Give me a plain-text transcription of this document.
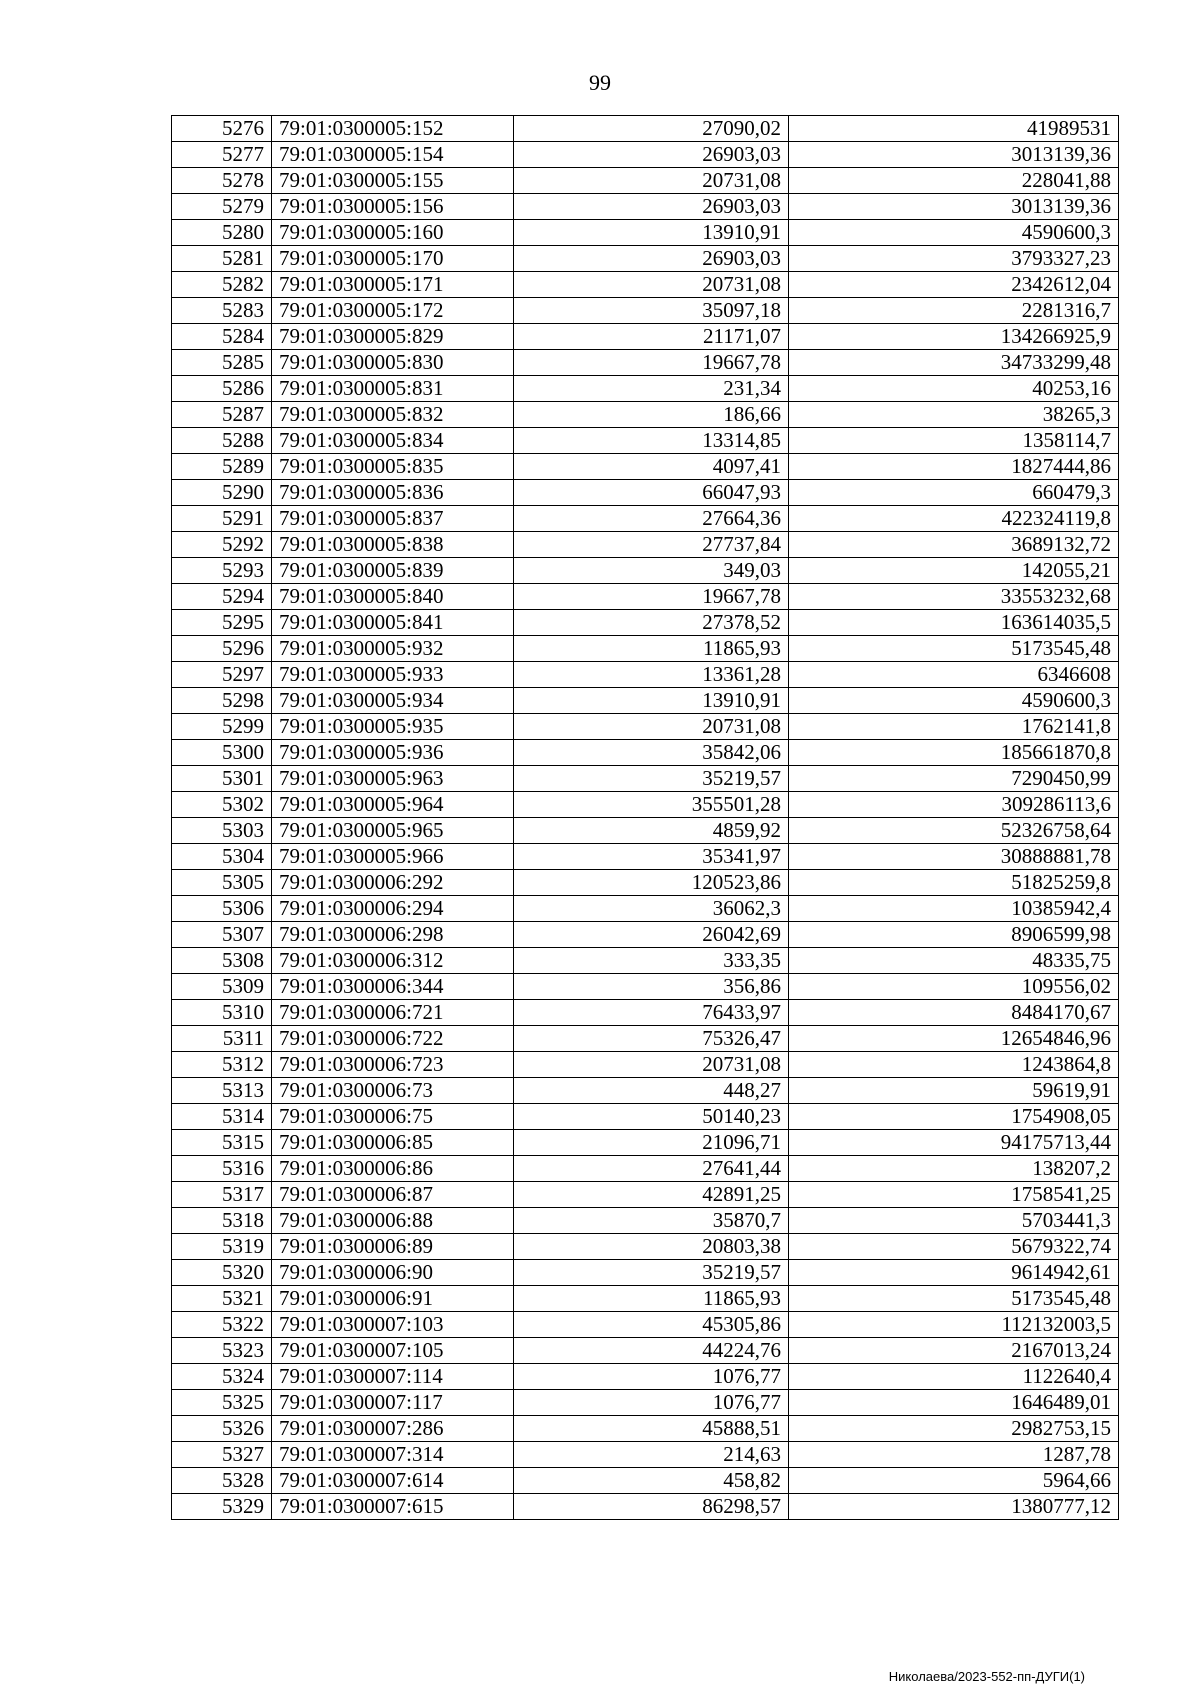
99
5276	79:01:0300005:152	27090,02	41989531
5277	79:01:0300005:154	26903,03	3013139,36
5278	79:01:0300005:155	20731,08	228041,88
5279	79:01:0300005:156	26903,03	3013139,36
5280	79:01:0300005:160	13910,91	4590600,3
5281	79:01:0300005:170	26903,03	3793327,23
5282	79:01:0300005:171	20731,08	2342612,04
5283	79:01:0300005:172	35097,18	2281316,7
5284	79:01:0300005:829	21171,07	134266925,9
5285	79:01:0300005:830	19667,78	34733299,48
5286	79:01:0300005:831	231,34	40253,16
5287	79:01:0300005:832	186,66	38265,3
5288	79:01:0300005:834	13314,85	1358114,7
5289	79:01:0300005:835	4097,41	1827444,86
5290	79:01:0300005:836	66047,93	660479,3
5291	79:01:0300005:837	27664,36	422324119,8
5292	79:01:0300005:838	27737,84	3689132,72
5293	79:01:0300005:839	349,03	142055,21
5294	79:01:0300005:840	19667,78	33553232,68
5295	79:01:0300005:841	27378,52	163614035,5
5296	79:01:0300005:932	11865,93	5173545,48
5297	79:01:0300005:933	13361,28	6346608
5298	79:01:0300005:934	13910,91	4590600,3
5299	79:01:0300005:935	20731,08	1762141,8
5300	79:01:0300005:936	35842,06	185661870,8
5301	79:01:0300005:963	35219,57	7290450,99
5302	79:01:0300005:964	355501,28	309286113,6
5303	79:01:0300005:965	4859,92	52326758,64
5304	79:01:0300005:966	35341,97	30888881,78
5305	79:01:0300006:292	120523,86	51825259,8
5306	79:01:0300006:294	36062,3	10385942,4
5307	79:01:0300006:298	26042,69	8906599,98
5308	79:01:0300006:312	333,35	48335,75
5309	79:01:0300006:344	356,86	109556,02
5310	79:01:0300006:721	76433,97	8484170,67
5311	79:01:0300006:722	75326,47	12654846,96
5312	79:01:0300006:723	20731,08	1243864,8
5313	79:01:0300006:73	448,27	59619,91
5314	79:01:0300006:75	50140,23	1754908,05
5315	79:01:0300006:85	21096,71	94175713,44
5316	79:01:0300006:86	27641,44	138207,2
5317	79:01:0300006:87	42891,25	1758541,25
5318	79:01:0300006:88	35870,7	5703441,3
5319	79:01:0300006:89	20803,38	5679322,74
5320	79:01:0300006:90	35219,57	9614942,61
5321	79:01:0300006:91	11865,93	5173545,48
5322	79:01:0300007:103	45305,86	112132003,5
5323	79:01:0300007:105	44224,76	2167013,24
5324	79:01:0300007:114	1076,77	1122640,4
5325	79:01:0300007:117	1076,77	1646489,01
5326	79:01:0300007:286	45888,51	2982753,15
5327	79:01:0300007:314	214,63	1287,78
5328	79:01:0300007:614	458,82	5964,66
5329	79:01:0300007:615	86298,57	1380777,12
Николаева/2023-552-пп-ДУГИ(1)
